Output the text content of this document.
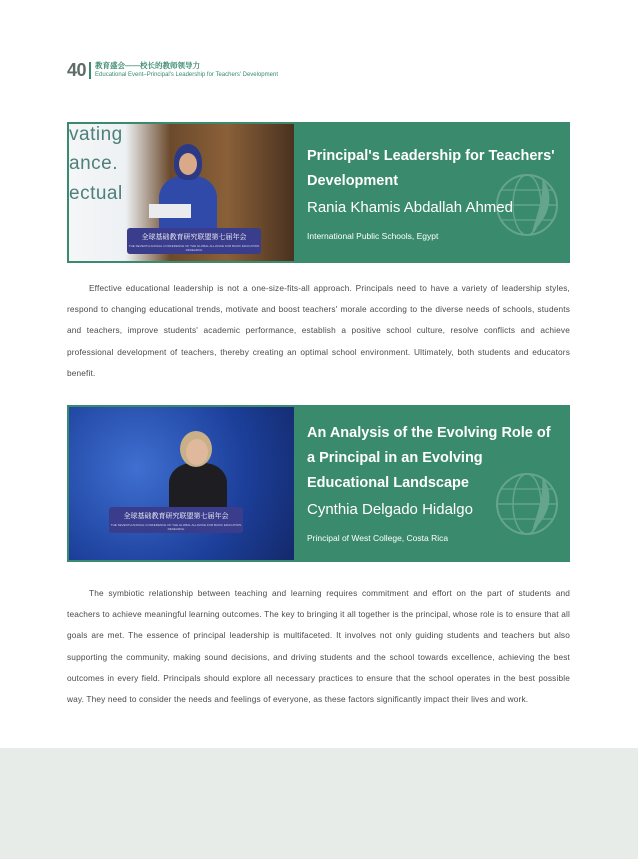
40 教育盛会——校长的教师领导力
Educational Event–Principal's Leadership for Teachers' Development
vating
ance.
ectual
全球基础教育研究联盟第七届年会
THE SEVENTH ANNUAL CONFERENCE OF THE GLOBAL ALLIANCE FOR BASIC EDUCATION RESEARCH
Principal's Leadership for Teachers' Development
Rania Khamis Abdallah Ahmed
International Public Schools, Egypt

Effective educational leadership is not a one-size-fits-all approach. Principals need to have a variety of leadership styles, respond to changing educational trends, motivate and boost teachers' morale according to the diverse needs of schools, students and teachers, improve students' academic performance, establish a positive school culture, resolve conflicts and achieve professional development of teachers, thereby creating an optimal school environment. Ultimately, both students and educators benefit.

全球基础教育研究联盟第七届年会
THE SEVENTH ANNUAL CONFERENCE OF THE GLOBAL ALLIANCE FOR BASIC EDUCATION RESEARCH
An Analysis of the Evolving Role of a Principal in an Evolving Educational Landscape
Cynthia Delgado Hidalgo
Principal of West College, Costa Rica

The symbiotic relationship between teaching and learning requires commitment and effort on the part of students and teachers to achieve meaningful learning outcomes. The key to bringing it all together is the principal, whose role is to ensure that all goals are met. The essence of principal leadership is multifaceted. It involves not only guiding students and teachers but also supporting the community, making sound decisions, and driving students and the school towards excellence, achieving the best outcomes in every field. Principals should explore all necessary practices to ensure that the school operates in the best possible way. They need to consider the needs and feelings of everyone, as these factors significantly impact their lives and work.
